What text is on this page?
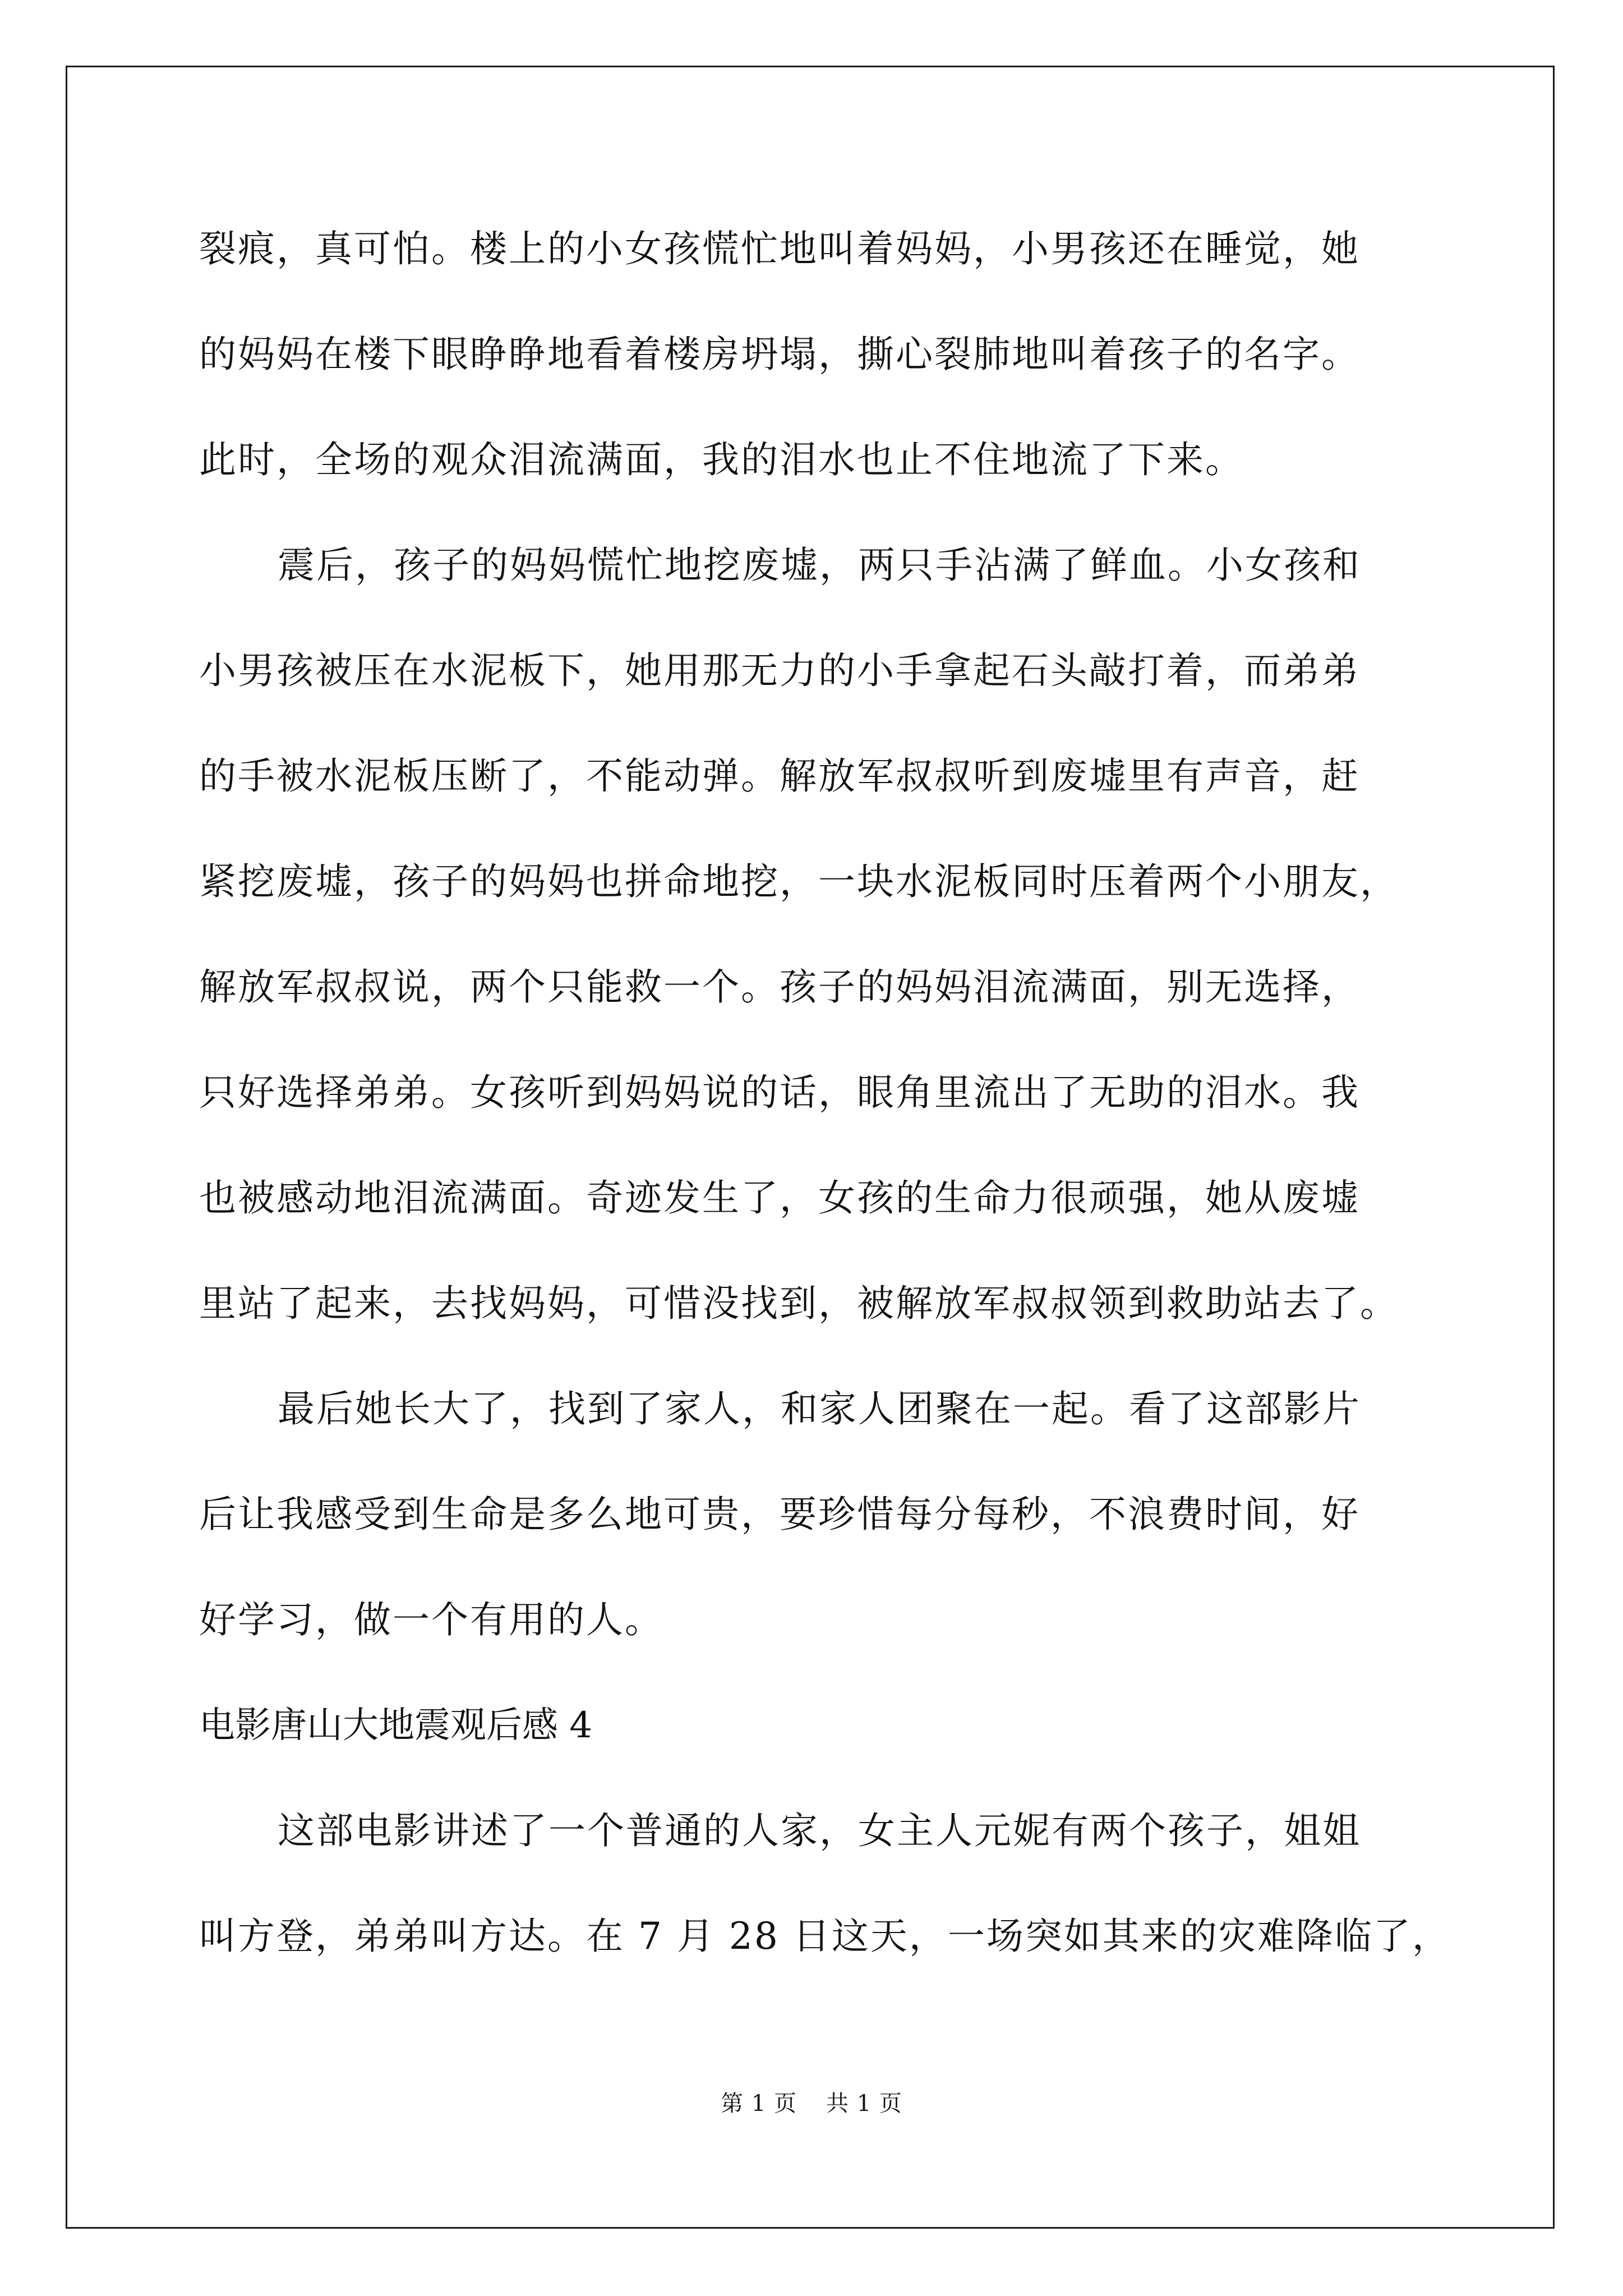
裂痕，真可怕。楼上的小女孩慌忙地叫着妈妈，小男孩还在睡觉，她
的妈妈在楼下眼睁睁地看着楼房坍塌，撕心裂肺地叫着孩子的名字。
此时，全场的观众泪流满面，我的泪水也止不住地流了下来。
震后，孩子的妈妈慌忙地挖废墟，两只手沾满了鲜血。小女孩和
小男孩被压在水泥板下，她用那无力的小手拿起石头敲打着，而弟弟
的手被水泥板压断了，不能动弹。解放军叔叔听到废墟里有声音，赶
紧挖废墟，孩子的妈妈也拼命地挖，一块水泥板同时压着两个小朋友，
解放军叔叔说，两个只能救一个。孩子的妈妈泪流满面，别无选择，
只好选择弟弟。女孩听到妈妈说的话，眼角里流出了无助的泪水。我
也被感动地泪流满面。奇迹发生了，女孩的生命力很顽强，她从废墟
里站了起来，去找妈妈，可惜没找到，被解放军叔叔领到救助站去了。
最后她长大了，找到了家人，和家人团聚在一起。看了这部影片
后让我感受到生命是多么地可贵，要珍惜每分每秒，不浪费时间，好
好学习，做一个有用的人。
电影唐山大地震观后感 4
这部电影讲述了一个普通的人家，女主人元妮有两个孩子，姐姐
叫方登，弟弟叫方达。在 7 月 28 日这天，一场突如其来的灾难降临了，
第 1 页 共 1 页
